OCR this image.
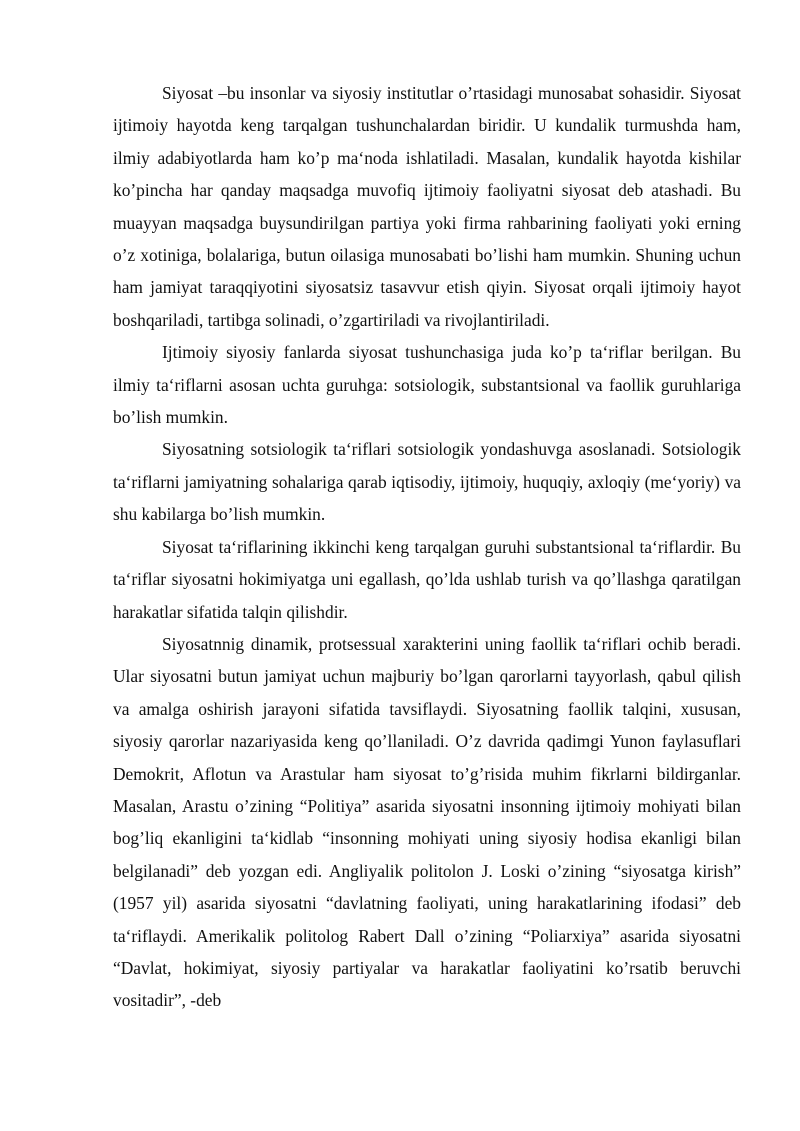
Siyosat –bu insonlar va siyosiy institutlar o’rtasidagi munosabat sohasidir. Siyosat ijtimoiy hayotda keng tarqalgan tushunchalardan biridir. U kundalik turmushda ham, ilmiy adabiyotlarda ham ko’p ma‘noda ishlatiladi. Masalan, kundalik hayotda kishilar ko’pincha har qanday maqsadga muvofiq ijtimoiy faoliyatni siyosat deb atashadi. Bu muayyan maqsadga buysundirilgan partiya yoki firma rahbarining faoliyati yoki erning o’z xotiniga, bolalariga, butun oilasiga munosabati bo’lishi ham mumkin. Shuning uchun ham jamiyat taraqqiyotini siyosatsiz tasavvur etish qiyin. Siyosat orqali ijtimoiy hayot boshqariladi, tartibga solinadi, o’zgartiriladi va rivojlantiriladi.

Ijtimoiy siyosiy fanlarda siyosat tushunchasiga juda ko’p ta‘riflar berilgan. Bu ilmiy ta‘riflarni asosan uchta guruhga: sotsiologik, substantsional va faollik guruhlariga bo’lish mumkin.

Siyosatning sotsiologik ta‘riflari sotsiologik yondashuvga asoslanadi. Sotsiologik ta‘riflarni jamiyatning sohalariga qarab iqtisodiy, ijtimoiy, huquqiy, axloqiy (me‘yoriy) va shu kabilarga bo’lish mumkin.

Siyosat ta‘riflarining ikkinchi keng tarqalgan guruhi substantsional ta‘riflardir. Bu ta‘riflar siyosatni hokimiyatga uni egallash, qo’lda ushlab turish va qo’llashga qaratilgan harakatlar sifatida talqin qilishdir.

Siyosatnnig dinamik, protsessual xarakterini uning faollik ta‘riflari ochib beradi. Ular siyosatni butun jamiyat uchun majburiy bo’lgan qarorlarni tayyorlash, qabul qilish va amalga oshirish jarayoni sifatida tavsiflaydi. Siyosatning faollik talqini, xususan, siyosiy qarorlar nazariyasida keng qo’llaniladi. O’z davrida qadimgi Yunon faylasuflari Demokrit, Aflotun va Arastular ham siyosat to’g’risida muhim fikrlarni bildirganlar. Masalan, Arastu o’zining “Politiya” asarida siyosatni insonning ijtimoiy mohiyati bilan bog’liq ekanligini ta‘kidlab “insonning mohiyati uning siyosiy hodisa ekanligi bilan belgilanadi” deb yozgan edi. Angliyalik politolon J. Loski o’zining “siyosatga kirish” (1957 yil) asarida siyosatni “davlatning faoliyati, uning harakatlarining ifodasi” deb ta‘riflaydi. Amerikalik politolog Rabert Dall o’zining “Poliarxiya” asarida siyosatni “Davlat, hokimiyat, siyosiy partiyalar va harakatlar faoliyatini ko’rsatib beruvchi vositadir”, -deb
